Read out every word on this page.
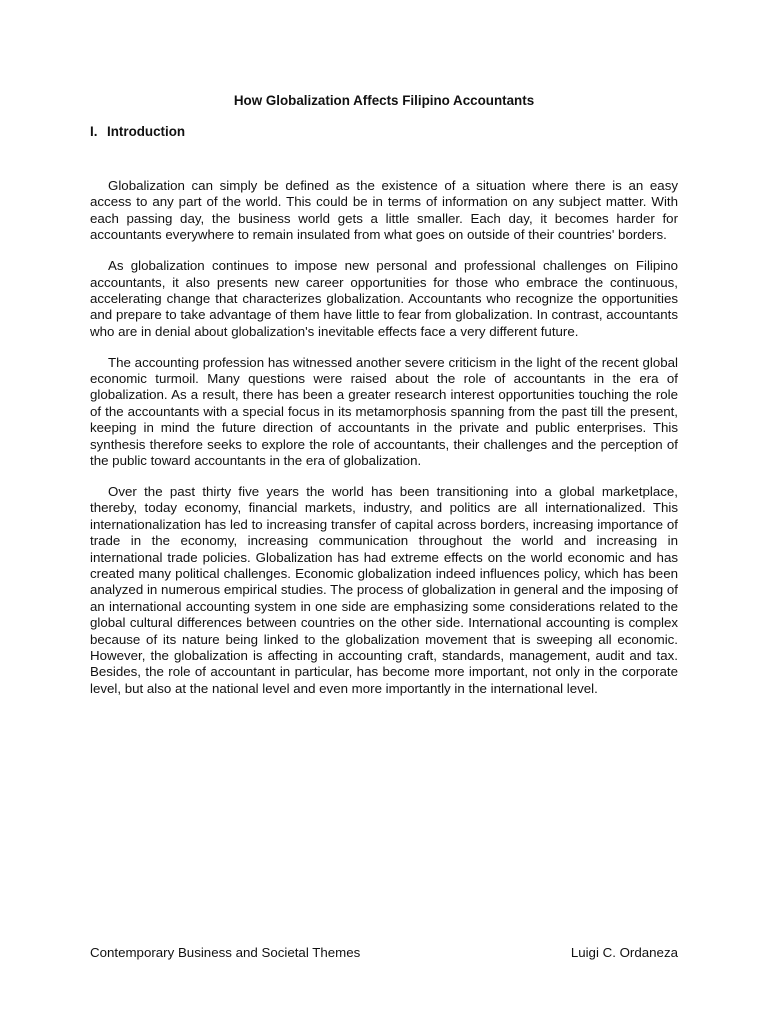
How Globalization Affects Filipino Accountants
I. Introduction

Globalization can simply be defined as the existence of a situation where there is an easy access to any part of the world. This could be in terms of information on any subject matter. With each passing day, the business world gets a little smaller. Each day, it becomes harder for accountants everywhere to remain insulated from what goes on outside of their countries' borders.

As globalization continues to impose new personal and professional challenges on Filipino accountants, it also presents new career opportunities for those who embrace the continuous, accelerating change that characterizes globalization. Accountants who recognize the opportunities and prepare to take advantage of them have little to fear from globalization. In contrast, accountants who are in denial about globalization's inevitable effects face a very different future.

The accounting profession has witnessed another severe criticism in the light of the recent global economic turmoil. Many questions were raised about the role of accountants in the era of globalization. As a result, there has been a greater research interest opportunities touching the role of the accountants with a special focus in its metamorphosis spanning from the past till the present, keeping in mind the future direction of accountants in the private and public enterprises. This synthesis therefore seeks to explore the role of accountants, their challenges and the perception of the public toward accountants in the era of globalization.

Over the past thirty five years the world has been transitioning into a global marketplace, thereby, today economy, financial markets, industry, and politics are all internationalized. This internationalization has led to increasing transfer of capital across borders, increasing importance of trade in the economy, increasing communication throughout the world and increasing in international trade policies. Globalization has had extreme effects on the world economic and has created many political challenges. Economic globalization indeed influences policy, which has been analyzed in numerous empirical studies. The process of globalization in general and the imposing of an international accounting system in one side are emphasizing some considerations related to the global cultural differences between countries on the other side. International accounting is complex because of its nature being linked to the globalization movement that is sweeping all economic. However, the globalization is affecting in accounting craft, standards, management, audit and tax. Besides, the role of accountant in particular, has become more important, not only in the corporate level, but also at the national level and even more importantly in the international level.

Contemporary Business and Societal Themes	Luigi C. Ordaneza
